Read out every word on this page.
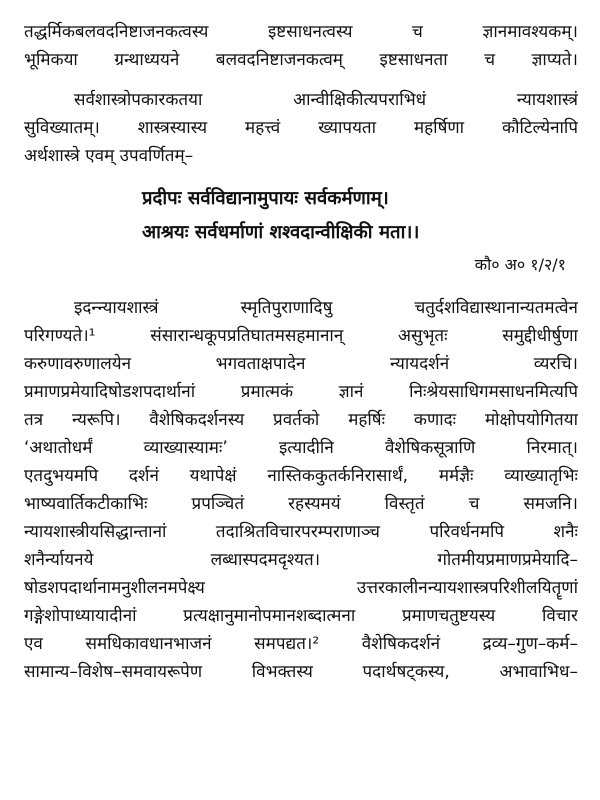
तद्धर्मिकबलवदनिष्टाजनकत्वस्य	इष्टसाधनत्वस्य	च	ज्ञानमावश्यकम्।
भूमिकया ग्रन्थाध्ययने बलवदनिष्टाजनकत्वम् इष्टसाधनता च ज्ञाप्यते।
सर्वशास्त्रोपकारकतया	आन्वीक्षिकीत्यपराभिधं	न्यायशास्त्रं
सुविख्यातम्। शास्त्रस्यास्य महत्त्वं ख्यापयता महर्षिणा कौटिल्येनापि
अर्थशास्त्रे एवम् उपवर्णितम्–
प्रदीपः सर्वविद्यानामुपायः सर्वकर्मणाम्।
आश्रयः सर्वधर्माणां शश्वदान्वीक्षिकी मता।।
कौ० अ० १/२/१
इदन्न्यायशास्त्रं	स्मृतिपुराणादिषु	चतुर्दशविद्यास्थानान्यतमत्वेन
परिगण्यते।¹	संसारान्धकूपप्रतिघातमसहमानान्	असुभृतः	समुद्दीधीर्षुणा
करुणावरुणालयेन	भगवताक्षपादेन	न्यायदर्शनं	व्यरचि।
प्रमाणप्रमेयादिषोडशपदार्थानां	प्रमात्मकं	ज्ञानं	निःश्रेयसाधिगमसाधनमित्यपि
तत्र न्यरूपि। वैशेषिकदर्शनस्य प्रवर्तको महर्षिः कणादः मोक्षोपयोगितया
‘अथातोधर्मं	व्याख्यास्यामः’	इत्यादीनि	वैशेषिकसूत्राणि	निरमात्।
एतदुभयमपि दर्शनं यथापेक्षं नास्तिककुतर्कनिरासार्थं, मर्मज्ञैः व्याख्यातृभिः
भाष्यवार्तिकटीकाभिः	प्रपञ्चितं	रहस्यमयं	विस्तृतं	च	समजनि।
न्यायशास्त्रीयसिद्धान्तानां	तदाश्रितविचारपरम्पराणाञ्च	परिवर्धनमपि	शनैः
शनैर्न्यायनये	लब्धास्पदमदृश्यत।	गोतमीयप्रमाणप्रमेयादि–
षोडशपदार्थानामनुशीलनमपेक्ष्य	उत्तरकालीनन्यायशास्त्रपरिशीलयितॄणां
गङ्गेशोपाध्यायादीनां	प्रत्यक्षानुमानोपमानशब्दात्मना	प्रमाणचतुष्टयस्य	विचार
एव	समधिकावधानभाजनं	समपद्यत।²	वैशेषिकदर्शनं	द्रव्य–गुण–कर्म–
सामान्य–विशेष–समवायरूपेण	विभक्तस्य	पदार्थषट्कस्य,	अभावाभिध–
